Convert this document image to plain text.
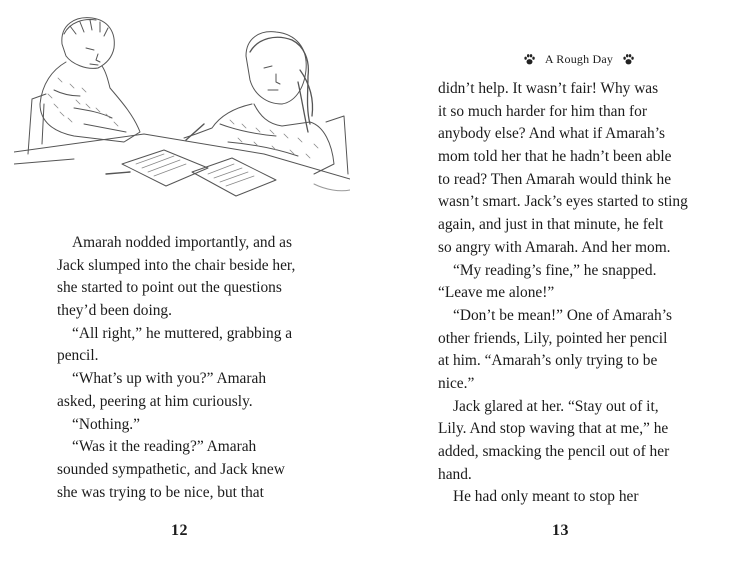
Amarah nodded importantly, and as
Jack slumped into the chair beside her,
she started to point out the questions
they’d been doing.
“All right,” he muttered, grabbing a
pencil.
“What’s up with you?” Amarah
asked, peering at him curiously.
“Nothing.”
“Was it the reading?” Amarah
sounded sympathetic, and Jack knew
she was trying to be nice, but that
12
A Rough Day
didn’t help. It wasn’t fair! Why was
it so much harder for him than for
anybody else? And what if Amarah’s
mom told her that he hadn’t been able
to read? Then Amarah would think he
wasn’t smart. Jack’s eyes started to sting
again, and just in that minute, he felt
so angry with Amarah. And her mom.
“My reading’s fine,” he snapped.
“Leave me alone!”
“Don’t be mean!” One of Amarah’s
other friends, Lily, pointed her pencil
at him. “Amarah’s only trying to be
nice.”
Jack glared at her. “Stay out of it,
Lily. And stop waving that at me,” he
added, smacking the pencil out of her
hand.
He had only meant to stop her
13
